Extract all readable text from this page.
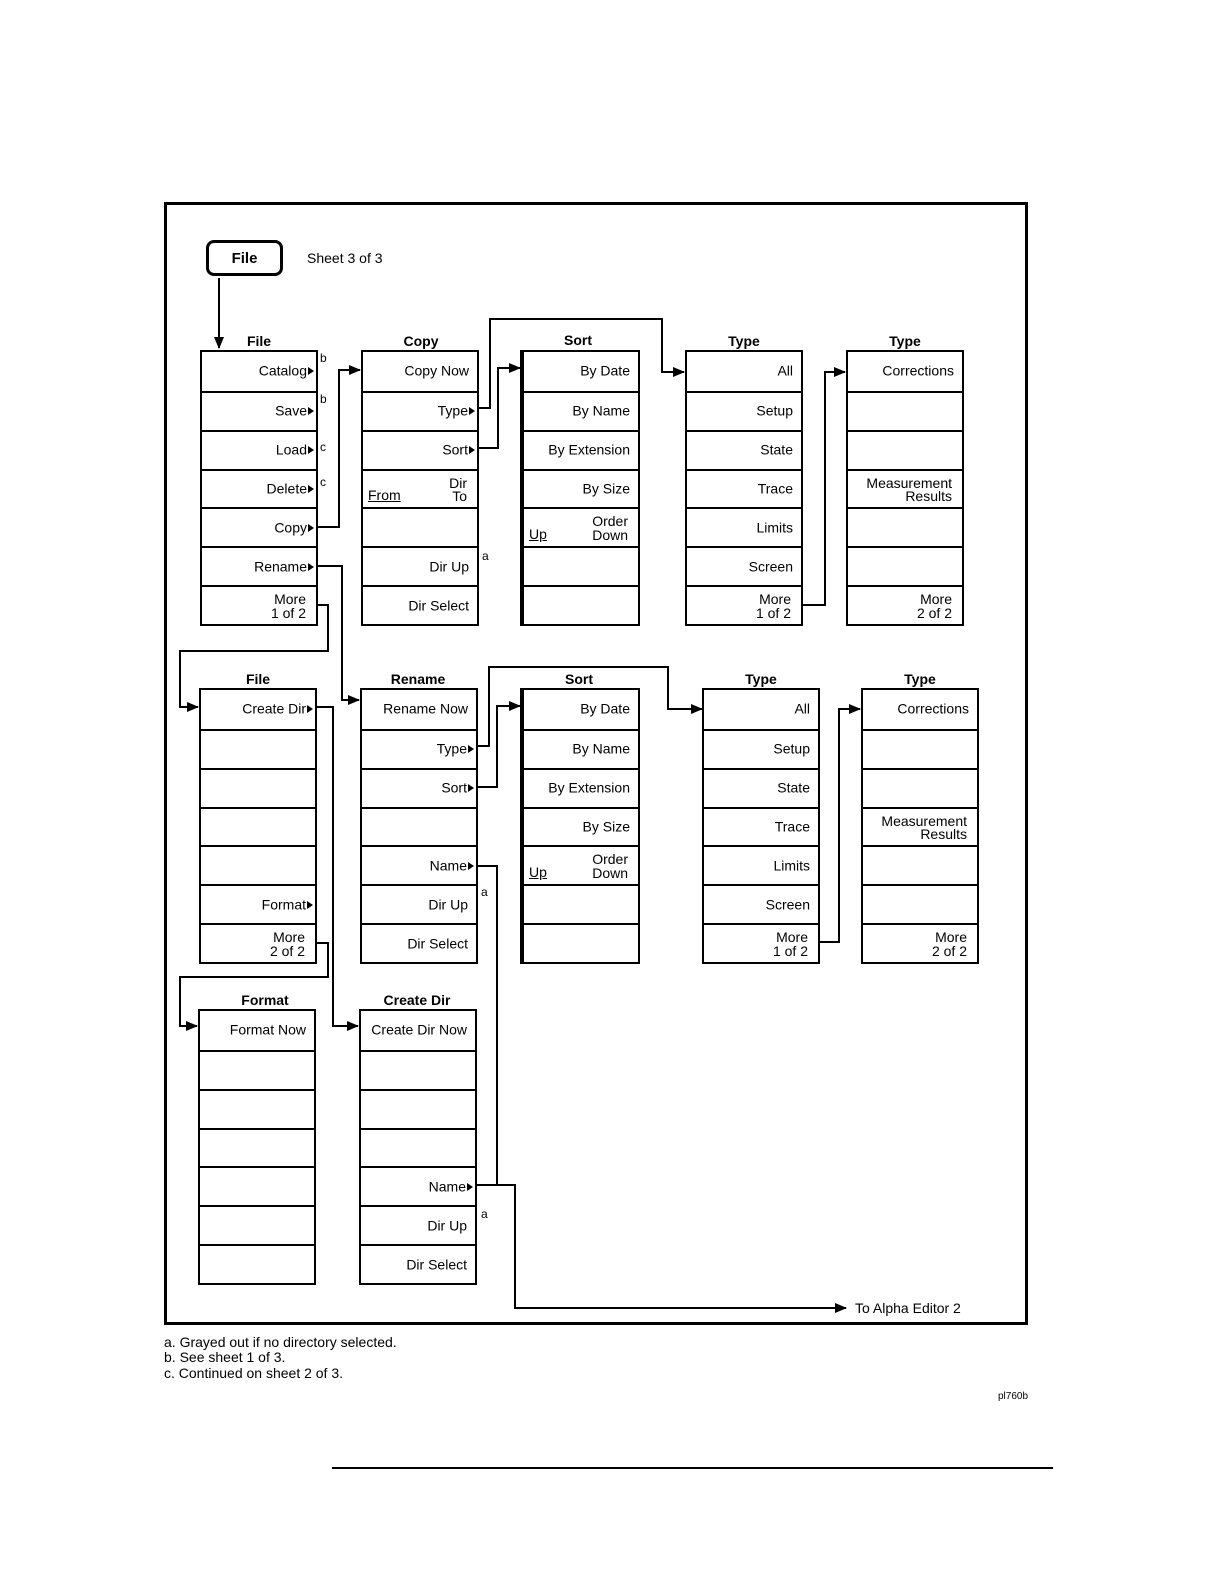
File	Sheet 3 of 3
b
b
c
c
a
a
a
To Alpha Editor 2
a. Grayed out if no directory selected.
b. See sheet 1 of 3.
c. Continued on sheet 2 of 3.
pl760b
File
Catalog
Save
Load
Delete
Copy
Rename
More
1 of 2
Copy
Copy Now
Type
Sort
Dir
To
From
Dir Up
Dir Select
Sort
By Date
By Name
By Extension
By Size
Order
Down
Up
Type
All
Setup
State
Trace
Limits
Screen
More
1 of 2
Type
Corrections
Measurement
Results
More
2 of 2
File
Create Dir
Format
More
2 of 2
Rename
Rename Now
Type
Sort
Name
Dir Up
Dir Select
Sort
By Date
By Name
By Extension
By Size
Order
Down
Up
Type
All
Setup
State
Trace
Limits
Screen
More
1 of 2
Type
Corrections
Measurement
Results
More
2 of 2
Format
Format Now
Create Dir
Create Dir Now
Name
Dir Up
Dir Select
